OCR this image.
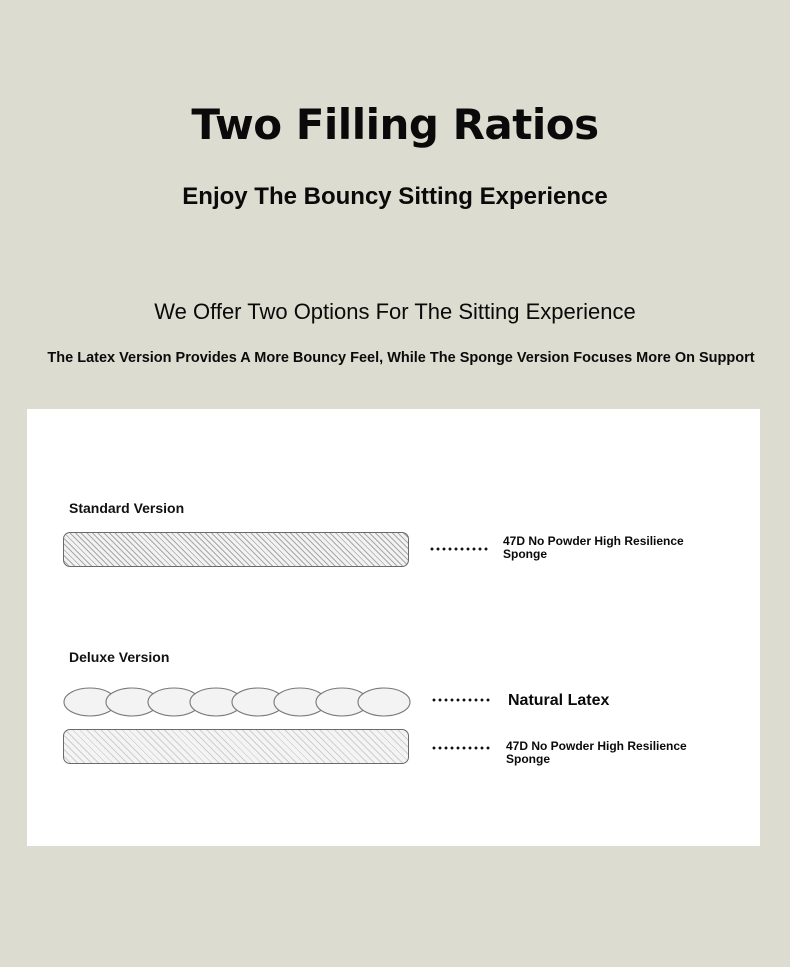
Two Filling Ratios
Enjoy The Bouncy Sitting Experience
We Offer Two Options For The Sitting Experience
The Latex Version Provides A More Bouncy Feel, While The Sponge Version Focuses More On Support
Standard Version
47D No Powder High Resilience
Sponge
Deluxe Version
Natural Latex
47D No Powder High Resilience
Sponge
